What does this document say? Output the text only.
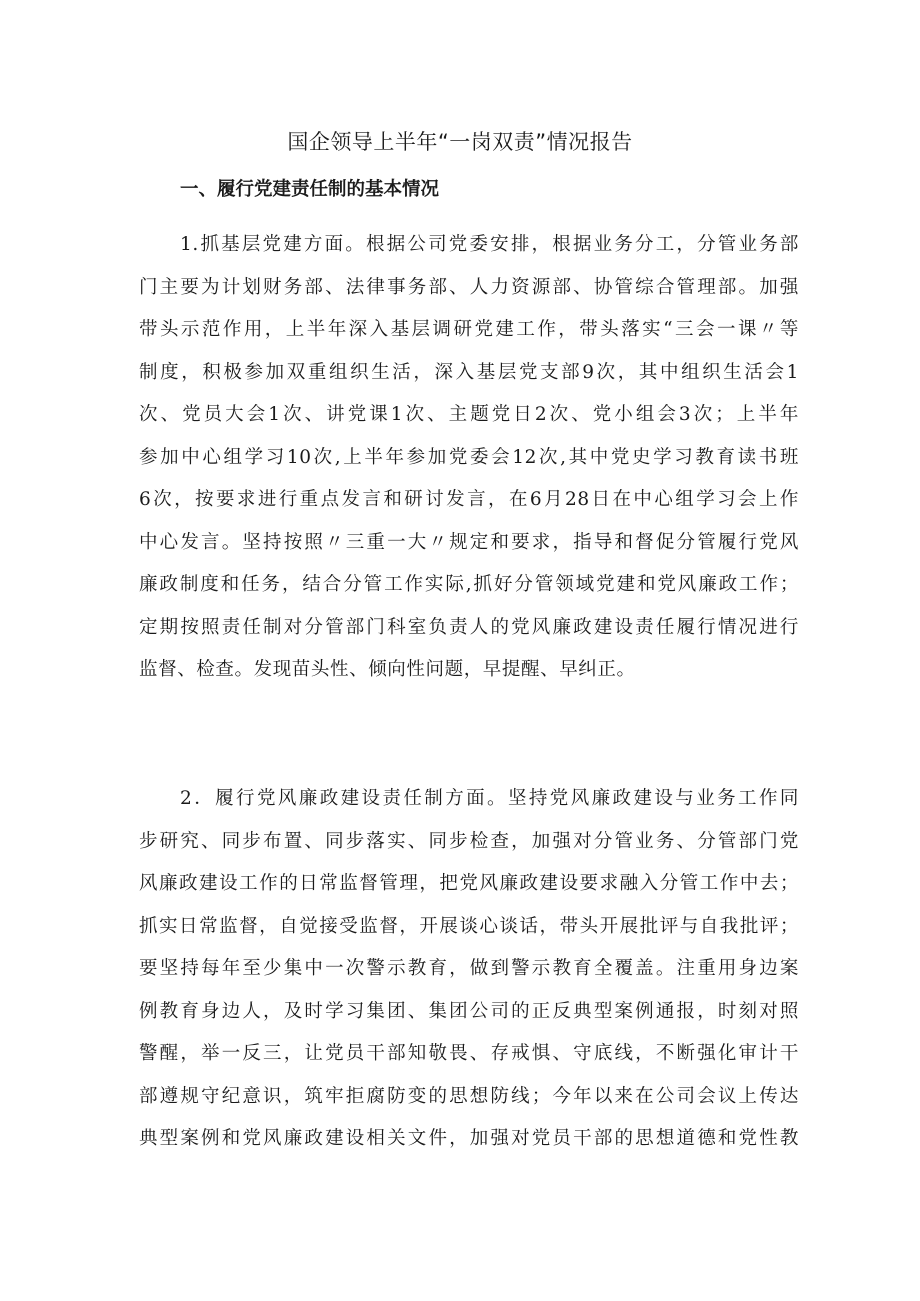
国企领导上半年“一岗双责”情况报告
一、履行党建责任制的基本情况
1.抓基层党建方面。根据公司党委安排，根据业务分工，分管业务部
门主要为计划财务部、法律事务部、人力资源部、协管综合管理部。加强
带头示范作用，上半年深入基层调研党建工作，带头落实“三会一课〃等
制度，积极参加双重组织生活，深入基层党支部9次，其中组织生活会1
次、党员大会1次、讲党课1次、主题党日2次、党小组会3次；上半年
参加中心组学习10次,上半年参加党委会12次,其中党史学习教育读书班
6次，按要求进行重点发言和研讨发言，在6月28日在中心组学习会上作
中心发言。坚持按照〃三重一大〃规定和要求，指导和督促分管履行党风
廉政制度和任务，结合分管工作实际,抓好分管领域党建和党风廉政工作；
定期按照责任制对分管部门科室负责人的党风廉政建设责任履行情况进行
监督、检查。发现苗头性、倾向性问题，早提醒、早纠正。
2．履行党风廉政建设责任制方面。坚持党风廉政建设与业务工作同
步研究、同步布置、同步落实、同步检查，加强对分管业务、分管部门党
风廉政建设工作的日常监督管理，把党风廉政建设要求融入分管工作中去；
抓实日常监督，自觉接受监督，开展谈心谈话，带头开展批评与自我批评；
要坚持每年至少集中一次警示教育，做到警示教育全覆盖。注重用身边案
例教育身边人，及时学习集团、集团公司的正反典型案例通报，时刻对照
警醒，举一反三，让党员干部知敬畏、存戒惧、守底线，不断强化审计干
部遵规守纪意识，筑牢拒腐防变的思想防线；今年以来在公司会议上传达
典型案例和党风廉政建设相关文件，加强对党员干部的思想道德和党性教
